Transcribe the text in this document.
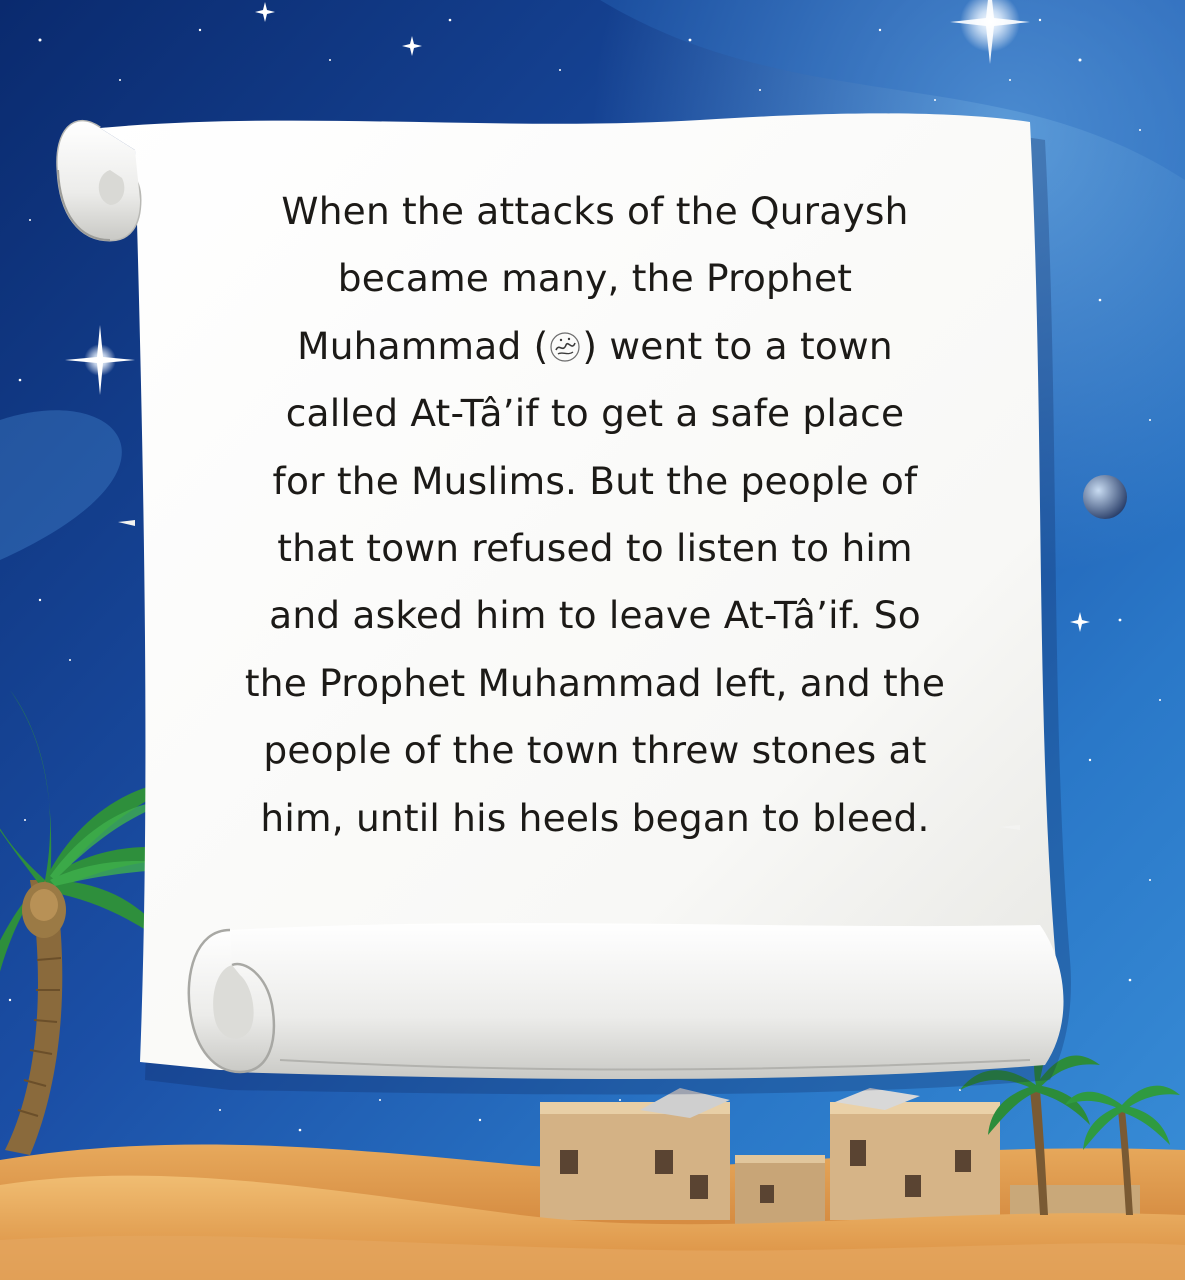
When the attacks of the Quraysh
became many, the Prophet
Muhammad ( ) went to a town
called At-Tâ’if to get a safe place
for the Muslims. But the people of
that town refused to listen to him
and asked him to leave At-Tâ’if. So
the Prophet Muhammad left, and the
people of the town threw stones at
him, until his heels began to bleed.
